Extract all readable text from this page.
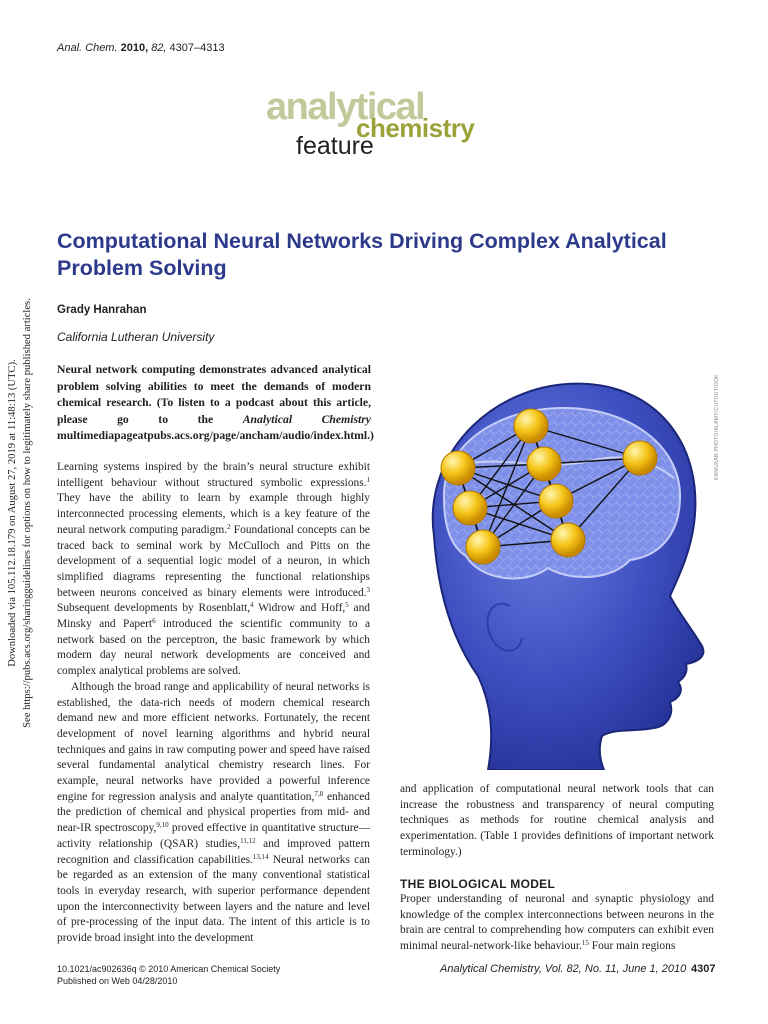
Anal. Chem. 2010, 82, 4307–4313
analytical
chemistry
feature
Computational Neural Networks Driving Complex Analytical Problem Solving
Grady Hanrahan
California Lutheran University
Downloaded via 105.112.18.179 on August 27, 2019 at 11:48:13 (UTC). See https://pubs.acs.org/sharingguidelines for options on how to legitimately share published articles. Neural network computing demonstrates advanced analytical problem solving abilities to meet the demands of modern chemical research. (To listen to a podcast about this article, please go to the Analytical Chemistry multimediapageatpubs.acs.org/page/ancham/audio/index.html.)

Learning systems inspired by the brain’s neural structure exhibit intelligent behaviour without structured symbolic expressions.$^1$ They have the ability to learn by example through highly interconnected processing elements, which is a key feature of the neural network computing paradigm.$^2$ Foundational concepts can be traced back to seminal work by McCulloch and Pitts on the development of a sequential logic model of a neuron, in which simplified diagrams representing the functional relationships between neurons conceived as binary elements were introduced.$^3$ Subsequent developments by Rosenblatt,$^4$ Widrow and Hoff,$^5$ and Minsky and Papert$^6$ introduced the scientific community to a network based on the perceptron, the basic framework by which modern day neural network developments are conceived and complex analytical problems are solved.

Although the broad range and applicability of neural networks is established, the data-rich needs of modern chemical research demand new and more efficient networks. Fortunately, the recent development of novel learning algorithms and hybrid neural techniques and gains in raw computing power and speed have raised several fundamental analytical chemistry research lines. For example, neural networks have provided a powerful inference engine for regression analysis and analyte quantitation,$^{7,8}$ enhanced the prediction of chemical and physical properties from mid- and near-IR spectroscopy,$^{9,10}$ proved effective in quantitative structure—activity relationship (QSAR) studies,$^{11,12}$ and improved pattern recognition and classification capabilities.$^{13,14}$ Neural networks can be regarded as an extension of the many conventional statistical tools in everyday research, with superior performance dependent upon the interconnectivity between layers and the nature and level of pre-processing of the input data. The intent of this article is to provide broad insight into the development

KANGRAN PHOTO/ALAMY/CUTOUT/OOK

and application of computational neural network tools that can increase the robustness and transparency of neural computing techniques as methods for routine chemical analysis and experimentation. (Table 1 provides definitions of important network terminology.)

THE BIOLOGICAL MODEL

Proper understanding of neuronal and synaptic physiology and knowledge of the complex interconnections between neurons in the brain are central to comprehending how computers can exhibit even minimal neural-network-like behaviour.$^{15}$ Four main regions

10.1021/ac902636q © 2010 American Chemical Society
Published on Web 04/28/2010
Analytical Chemistry, Vol. 82, No. 11, June 1, 2010 4307
